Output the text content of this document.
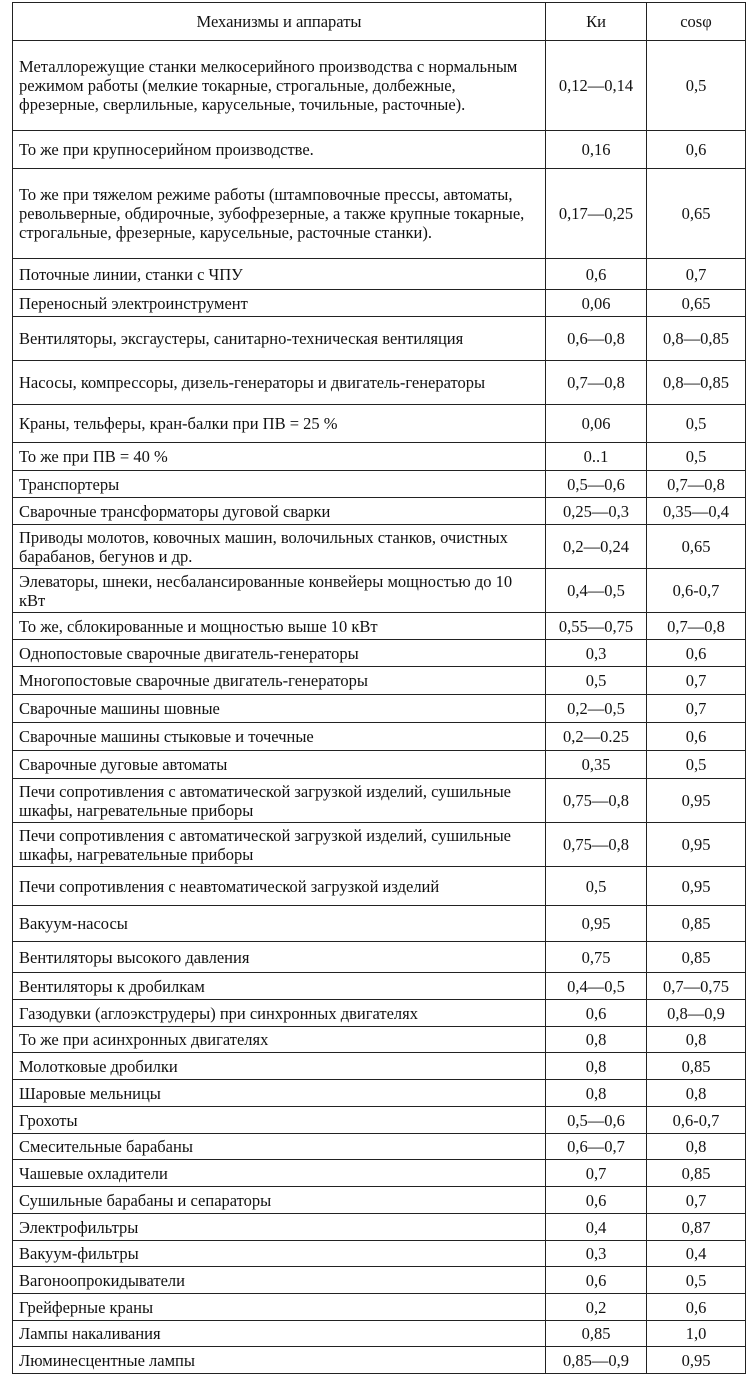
Механизмы и аппараты	Ки	cosφ
Металлорежущие станки мелкосерийного производства с нормальным режимом работы (мелкие токарные, строгальные, долбежные, фрезерные, сверлильные, карусельные, точильные, расточные).	0,12—0,14	0,5
То же при крупносерийном производстве.	0,16	0,6
То же при тяжелом режиме работы (штамповочные прессы, автоматы, револьверные, обдирочные, зубофрезерные, а также крупные токарные, строгальные, фрезерные, карусельные, расточные станки).	0,17—0,25	0,65
Поточные линии, станки с ЧПУ	0,6	0,7
Переносный электроинструмент	0,06	0,65
Вентиляторы, эксгаустеры, санитарно-техническая вентиляция	0,6—0,8	0,8—0,85
Насосы, компрессоры, дизель-генераторы и двигатель-генераторы	0,7—0,8	0,8—0,85
Краны, тельферы, кран-балки при ПВ = 25 %	0,06	0,5
То же при ПВ = 40 %	0..1	0,5
Транспортеры	0,5—0,6	0,7—0,8
Сварочные трансформаторы дуговой сварки	0,25—0,3	0,35—0,4
Приводы молотов, ковочных машин, волочильных станков, очистных барабанов, бегунов и др.	0,2—0,24	0,65
Элеваторы, шнеки, несбалансированные конвейеры мощностью до 10 кВт	0,4—0,5	0,6-0,7
То же, сблокированные и мощностью выше 10 кВт	0,55—0,75	0,7—0,8
Однопостовые сварочные двигатель-генераторы	0,3	0,6
Многопостовые сварочные двигатель-генераторы	0,5	0,7
Сварочные машины шовные	0,2—0,5	0,7
Сварочные машины стыковые и точечные	0,2—0.25	0,6
Сварочные дуговые автоматы	0,35	0,5
Печи сопротивления с автоматической загрузкой изделий, сушильные шкафы, нагревательные приборы	0,75—0,8	0,95
Печи сопротивления с автоматической загрузкой изделий, сушильные шкафы, нагревательные приборы	0,75—0,8	0,95
Печи сопротивления с неавтоматической загрузкой изделий	0,5	0,95
Вакуум-насосы	0,95	0,85
Вентиляторы высокого давления	0,75	0,85
Вентиляторы к дробилкам	0,4—0,5	0,7—0,75
Газодувки (аглоэкструдеры) при синхронных двигателях	0,6	0,8—0,9
То же при асинхронных двигателях	0,8	0,8
Молотковые дробилки	0,8	0,85
Шаровые мельницы	0,8	0,8
Грохоты	0,5—0,6	0,6-0,7
Смесительные барабаны	0,6—0,7	0,8
Чашевые охладители	0,7	0,85
Сушильные барабаны и сепараторы	0,6	0,7
Электрофильтры	0,4	0,87
Вакуум-фильтры	0,3	0,4
Вагоноопрокидыватели	0,6	0,5
Грейферные краны	0,2	0,6
Лампы накаливания	0,85	1,0
Люминесцентные лампы	0,85—0,9	0,95
